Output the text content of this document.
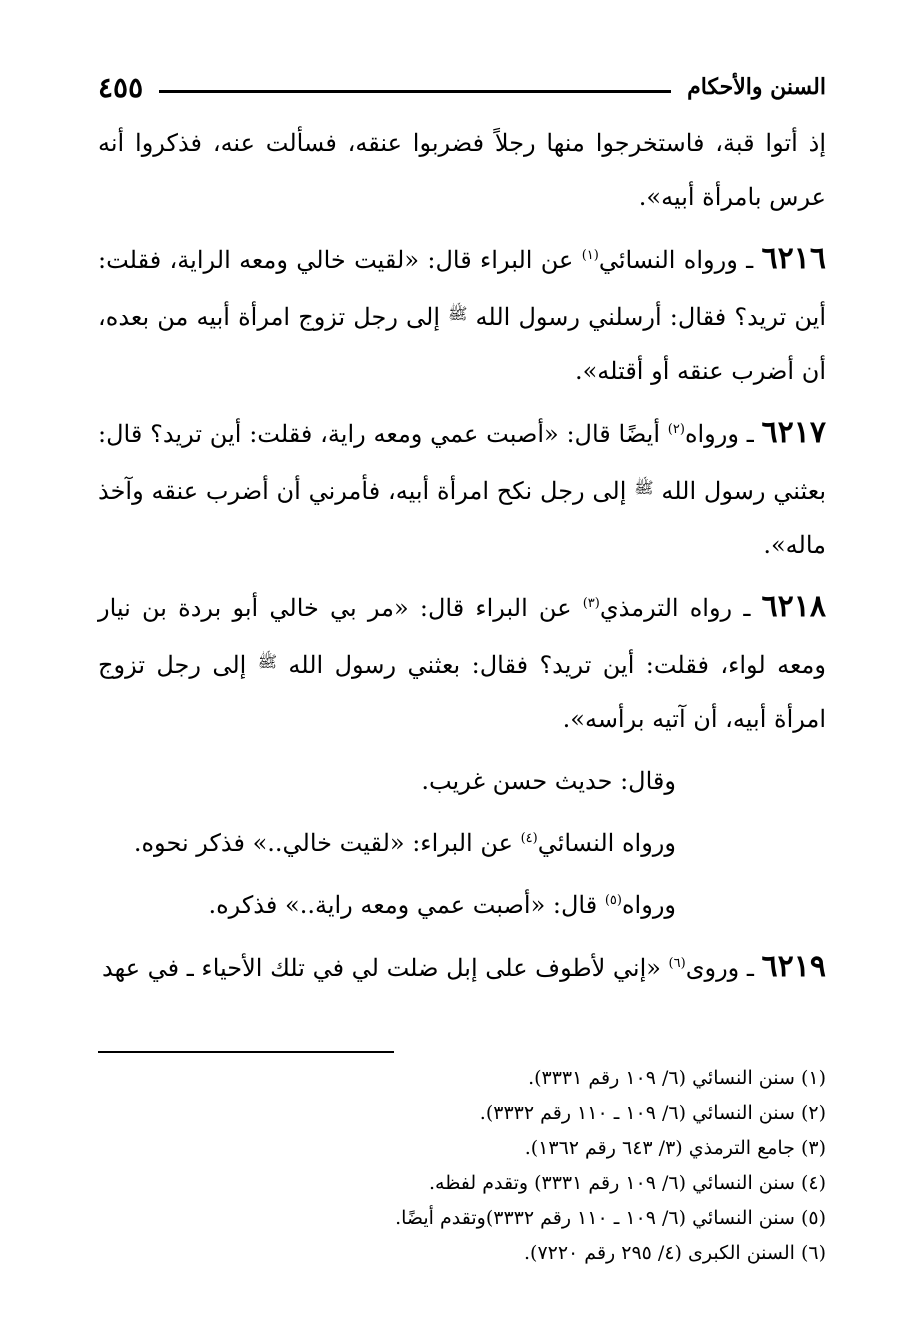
السنن والأحكام
٤٥٥

إذ أتوا قبة، فاستخرجوا منها رجلاً فضربوا عنقه، فسألت عنه، فذكروا أنه عرس بامرأة أبيه».

٦٢١٦ ـ ورواه النسائي$^{(١)}$ عن البراء قال: «لقيت خالي ومعه الراية، فقلت: أين تريد؟ فقال: أرسلني رسول الله $^ﷺ$ إلى رجل تزوج امرأة أبيه من بعده، أن أضرب عنقه أو أقتله».

٦٢١٧ ـ ورواه$^{(٢)}$ أيضًا قال: «أصبت عمي ومعه راية، فقلت: أين تريد؟ قال: بعثني رسول الله $^ﷺ$ إلى رجل نكح امرأة أبيه، فأمرني أن أضرب عنقه وآخذ ماله».

٦٢١٨ ـ رواه الترمذي$^{(٣)}$ عن البراء قال: «مر بي خالي أبو بردة بن نيار ومعه لواء، فقلت: أين تريد؟ فقال: بعثني رسول الله $^ﷺ$ إلى رجل تزوج امرأة أبيه، أن آتيه برأسه».

وقال: حديث حسن غريب.

ورواه النسائي$^{(٤)}$ عن البراء: «لقيت خالي..» فذكر نحوه.

ورواه$^{(٥)}$ قال: «أصبت عمي ومعه راية..» فذكره.

٦٢١٩ ـ وروى$^{(٦)}$ «إني لأطوف على إبل ضلت لي في تلك الأحياء ـ في عهد

(١) سنن النسائي (٦/ ١٠٩ رقم ٣٣٣١).
(٢) سنن النسائي (٦/ ١٠٩ ـ ١١٠ رقم ٣٣٣٢).
(٣) جامع الترمذي (٣/ ٦٤٣ رقم ١٣٦٢).
(٤) سنن النسائي (٦/ ١٠٩ رقم ٣٣٣١) وتقدم لفظه.
(٥) سنن النسائي (٦/ ١٠٩ ـ ١١٠ رقم ٣٣٣٢)وتقدم أيضًا.
(٦) السنن الكبرى (٤/ ٢٩٥ رقم ٧٢٢٠).
